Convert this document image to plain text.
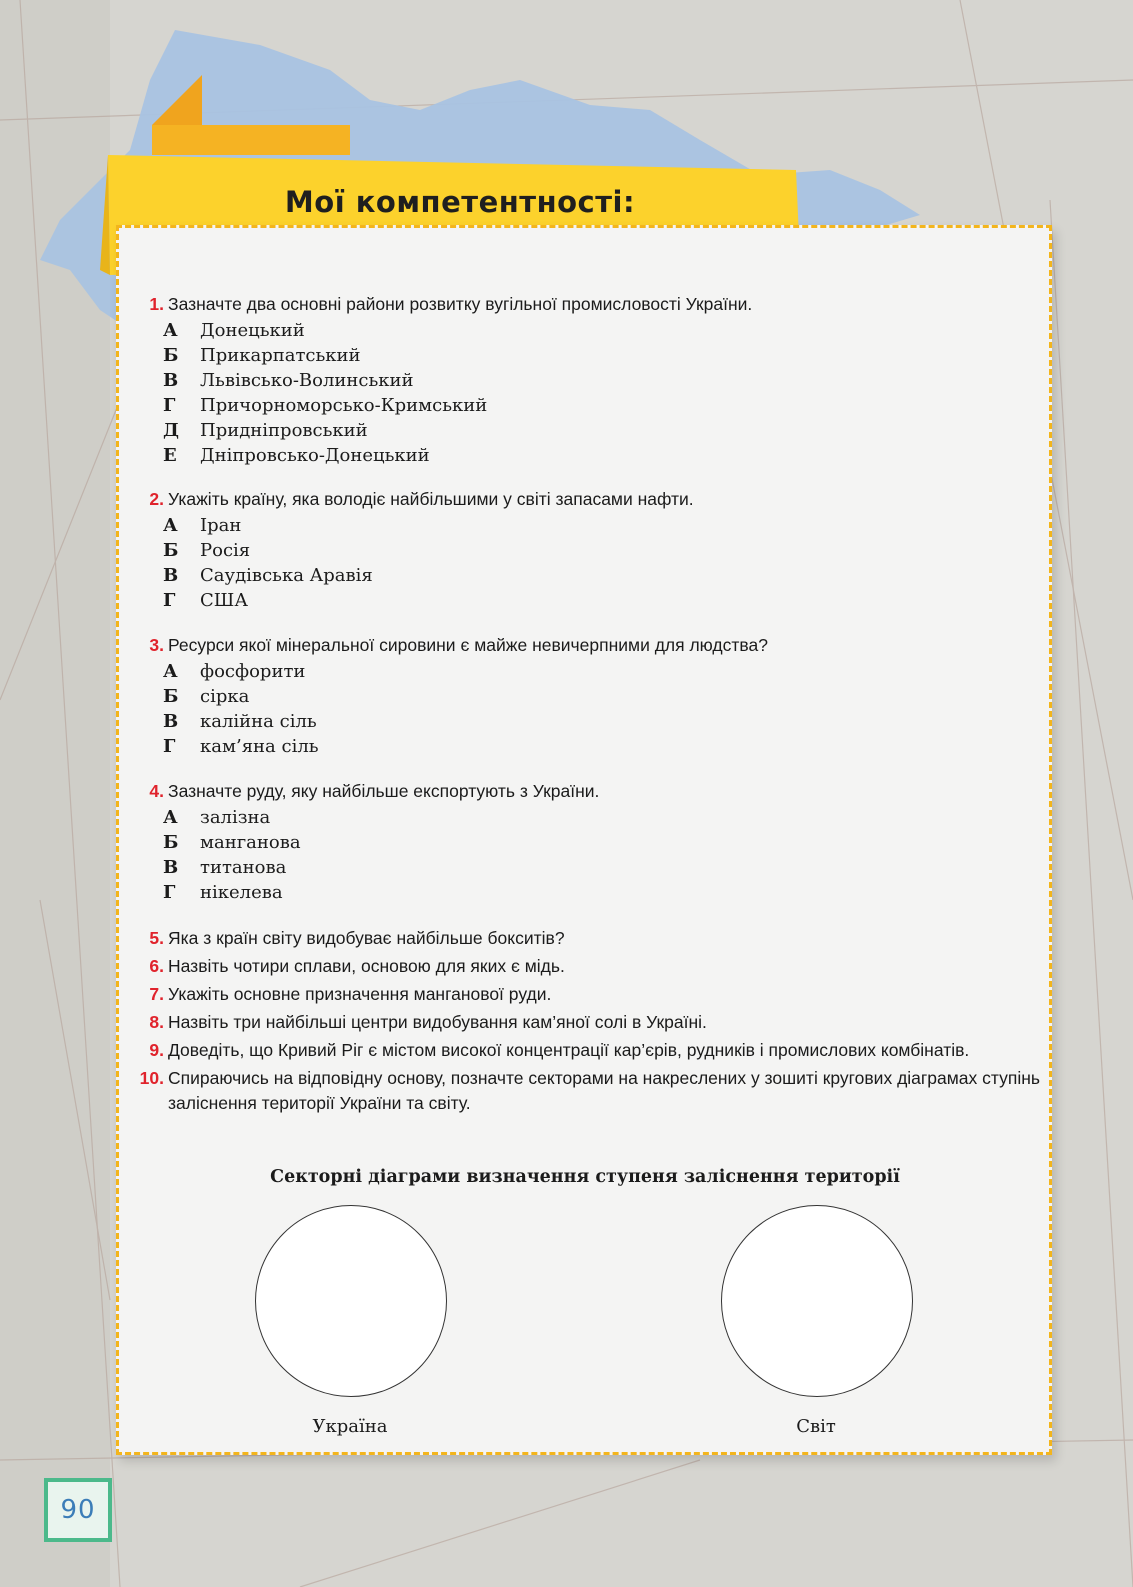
Мої компетентності:
1. Зазначте два основні райони розвитку вугільної промисловості України.
А	Донецький
Б	Прикарпатський
В	Львівсько-Волинський
Г	Причорноморсько-Кримський
Д	Придніпровський
Е	Дніпровсько-Донецький
2. Укажіть країну, яка володіє найбільшими у світі запасами нафти.
А	Іран
Б	Росія
В	Саудівська Аравія
Г	США
3. Ресурси якої мінеральної сировини є майже невичерпними для людства?
А	фосфорити
Б	сірка
В	калійна сіль
Г	кам’яна сіль
4. Зазначте руду, яку найбільше експортують з України.
А	залізна
Б	манганова
В	титанова
Г	нікелева
5. Яка з країн світу видобуває найбільше бокситів?
6. Назвіть чотири сплави, основою для яких є мідь.
7. Укажіть основне призначення манганової руди.
8. Назвіть три найбільші центри видобування кам’яної солі в Україні.
9. Доведіть, що Кривий Ріг є містом високої концентрації кар’єрів, рудників і промислових комбінатів.
10. Спираючись на відповідну основу, позначте секторами на накреслених у зошиті кругових діаграмах ступінь заліснення території України та світу.
Секторні діаграми визначення ступеня заліснення території
Україна	Світ
90
